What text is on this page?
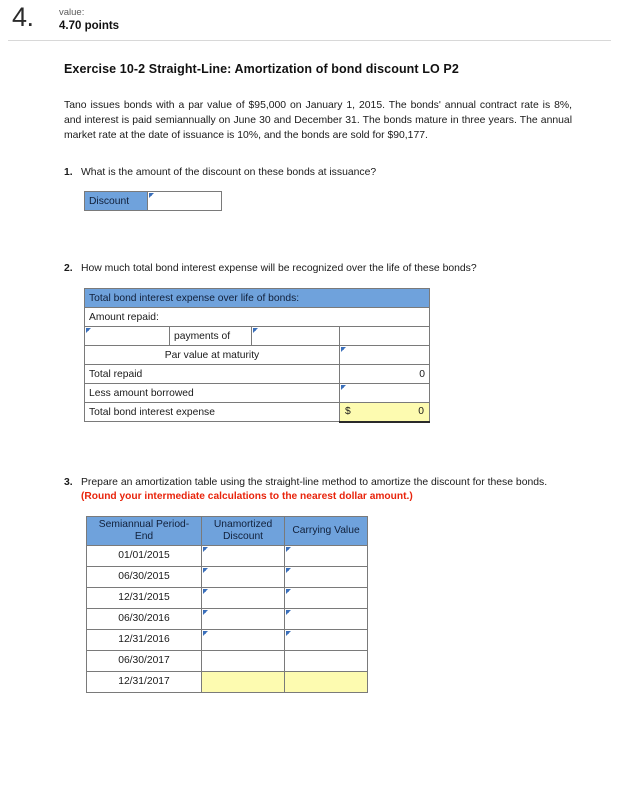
4.	value:
4.70 points
Exercise 10-2 Straight-Line: Amortization of bond discount LO P2

Tano issues bonds with a par value of $95,000 on January 1, 2015. The bonds' annual contract rate is 8%, and interest is paid semiannually on June 30 and December 31. The bonds mature in three years. The annual market rate at the date of issuance is 10%, and the bonds are sold for $90,177.

1. What is the amount of the discount on these bonds at issuance?
Discount	
2. How much total bond interest expense will be recognized over the life of these bonds?
Total bond interest expense over life of bonds:			
Amount repaid:			
	payments of		
Par value at maturity			
Total repaid			0
Less amount borrowed			
Total bond interest expense			$ 0
3. Prepare an amortization table using the straight-line method to amortize the discount for these bonds.
(Round your intermediate calculations to the nearest dollar amount.)
Semiannual Period-End	Unamortized Discount	Carrying Value
01/01/2015		
06/30/2015		
12/31/2015		
06/30/2016		
12/31/2016		
06/30/2017		
12/31/2017		
